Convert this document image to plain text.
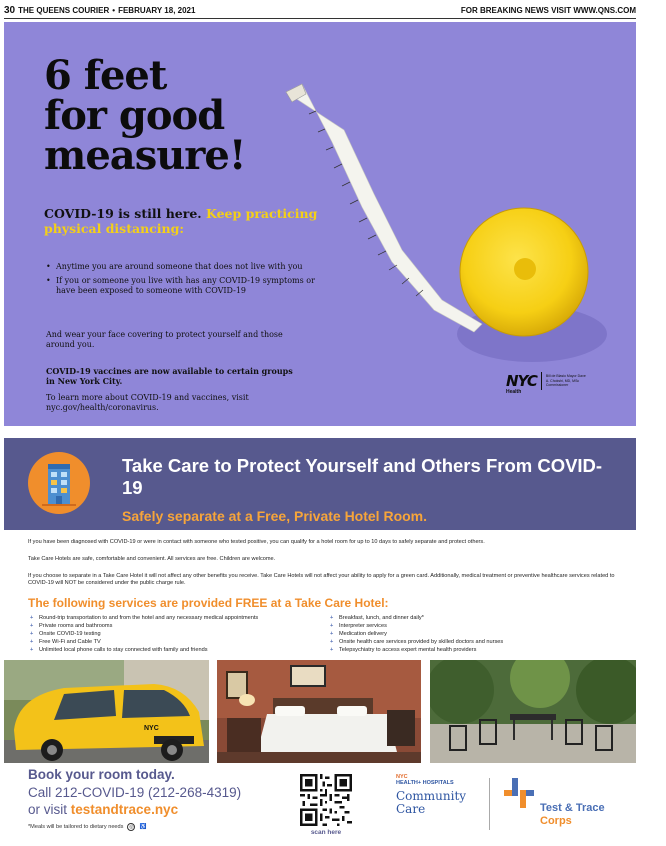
30 THE QUEENS COURIER • FEBRUARY 18, 2021	FOR BREAKING NEWS VISIT WWW.QNS.COM
6 feet
for good
measure!
COVID-19 is still here. Keep practicing physical distancing:
• Anytime you are around someone that does not live with you
• If you or someone you live with has any COVID-19 symptoms or have been exposed to someone with COVID-19
And wear your face covering to protect yourself and those around you.
COVID-19 vaccines are now available to certain groups in New York City.
To learn more about COVID-19 and vaccines, visit nyc.gov/health/coronavirus.
NYC
Health
Bill de Blasio Mayor Dave A. Chokshi, MD, MSc Commissioner
Take Care to Protect Yourself and Others From COVID-19
Safely separate at a Free, Private Hotel Room.
If you have been diagnosed with COVID-19 or were in contact with someone who tested positive, you can qualify for a hotel room for up to 10 days to safely separate and protect others.
Take Care Hotels are safe, comfortable and convenient. All services are free. Children are welcome.
If you choose to separate in a Take Care Hotel it will not affect any other benefits you receive. Take Care Hotels will not affect your ability to apply for a green card. Additionally, medical treatment or preventive healthcare services related to COVID-19 will NOT be considered under the public charge rule.
The following services are provided FREE at a Take Care Hotel:
+ Round-trip transportation to and from the hotel and any necessary medical appointments
+ Private rooms and bathrooms
+ Onsite COVID-19 testing
+ Free Wi-Fi and Cable TV
+ Unlimited local phone calls to stay connected with family and friends
+ Breakfast, lunch, and dinner daily*
+ Interpreter services
+ Medication delivery
+ Onsite health care services provided by skilled doctors and nurses
+ Telepsychiatry to access expert mental health providers
NYC
Book your room today.
Call 212-COVID-19 (212-268-4319)
or visit testandtrace.nyc
*Meals will be tailored to dietary needs	◎	♿
scan here
NYC
HEALTH+ HOSPITALS
Community
Care	Test & Trace
Corps
